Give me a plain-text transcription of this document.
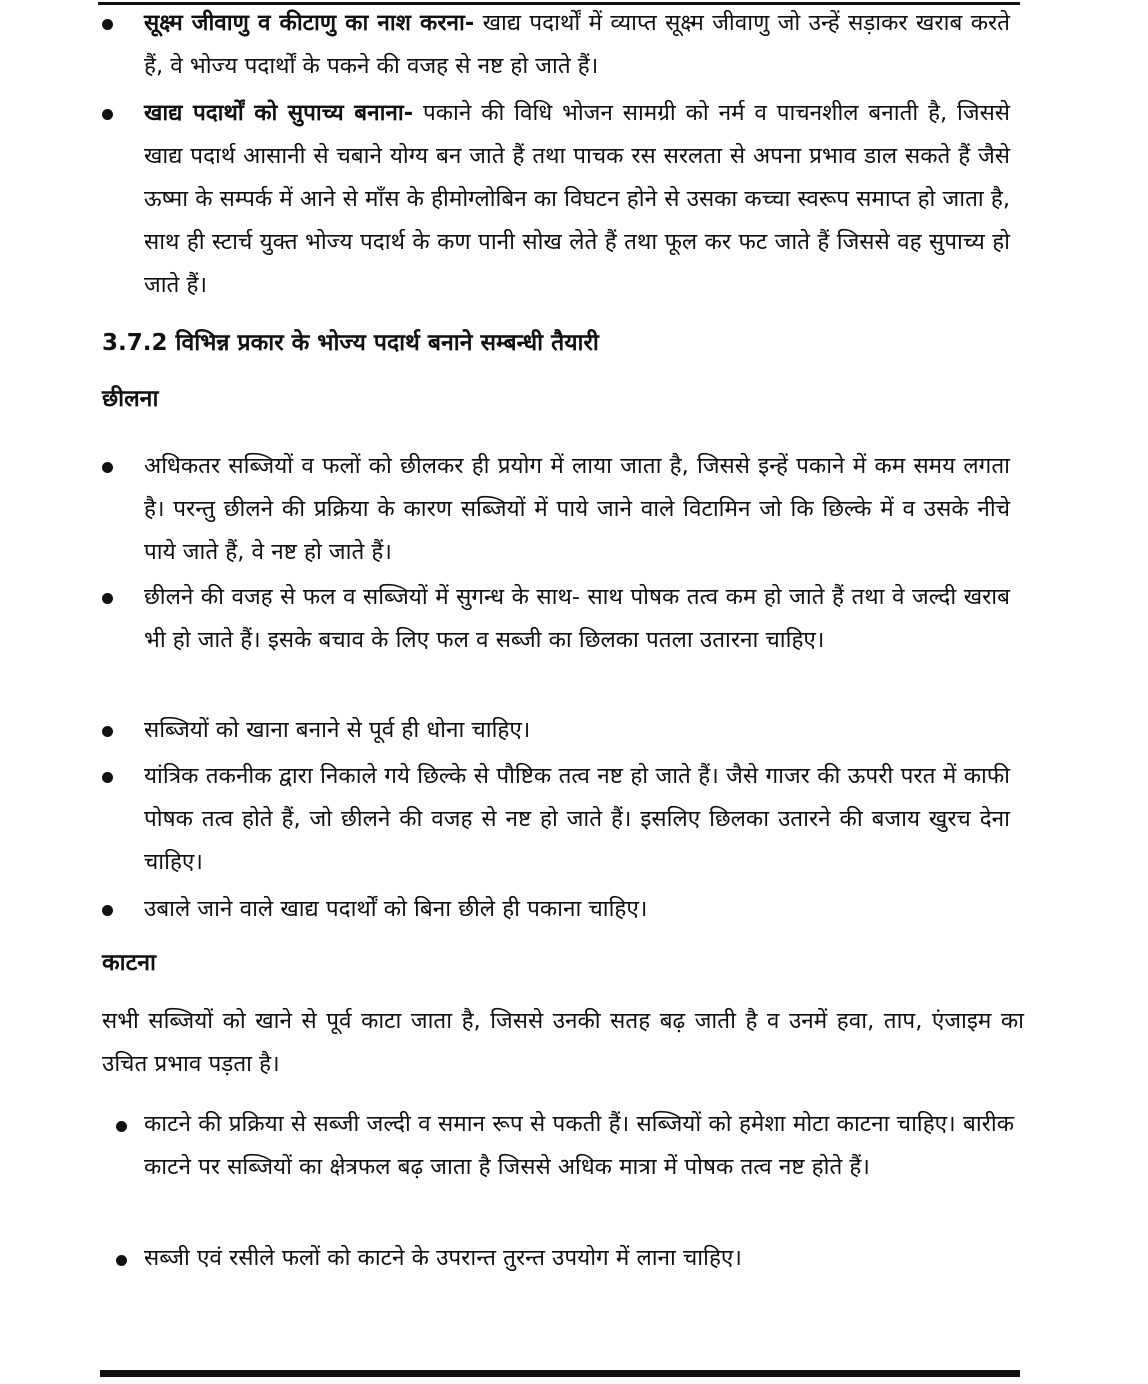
सूक्ष्म जीवाणु व कीटाणु का नाश करना- खाद्य पदार्थों में व्याप्त सूक्ष्म जीवाणु जो उन्हें सड़ाकर खराब करते हैं, वे भोज्य पदार्थों के पकने की वजह से नष्ट हो जाते हैं।
खाद्य पदार्थों को सुपाच्य बनाना- पकाने की विधि भोजन सामग्री को नर्म व पाचनशील बनाती है, जिससे खाद्य पदार्थ आसानी से चबाने योग्य बन जाते हैं तथा पाचक रस सरलता से अपना प्रभाव डाल सकते हैं जैसे ऊष्मा के सम्पर्क में आने से माँस के हीमोग्लोबिन का विघटन होने से उसका कच्चा स्वरूप समाप्त हो जाता है, साथ ही स्टार्च युक्त भोज्य पदार्थ के कण पानी सोख लेते हैं तथा फूल कर फट जाते हैं जिससे वह सुपाच्य हो जाते हैं।
3.7.2 विभिन्न प्रकार के भोज्य पदार्थ बनाने सम्बन्धी तैयारी
छीलना
अधिकतर सब्जियों व फलों को छीलकर ही प्रयोग में लाया जाता है, जिससे इन्हें पकाने में कम समय लगता है। परन्तु छीलने की प्रक्रिया के कारण सब्जियों में पाये जाने वाले विटामिन जो कि छिल्के में व उसके नीचे पाये जाते हैं, वे नष्ट हो जाते हैं।
छीलने की वजह से फल व सब्जियों में सुगन्ध के साथ- साथ पोषक तत्व कम हो जाते हैं तथा वे जल्दी खराब भी हो जाते हैं। इसके बचाव के लिए फल व सब्जी का छिलका पतला उतारना चाहिए।
सब्जियों को खाना बनाने से पूर्व ही धोना चाहिए।
यांत्रिक तकनीक द्वारा निकाले गये छिल्के से पौष्टिक तत्व नष्ट हो जाते हैं। जैसे गाजर की ऊपरी परत में काफी पोषक तत्व होते हैं, जो छीलने की वजह से नष्ट हो जाते हैं। इसलिए छिलका उतारने की बजाय खुरच देना चाहिए।
उबाले जाने वाले खाद्य पदार्थों को बिना छीले ही पकाना चाहिए।
काटना
सभी सब्जियों को खाने से पूर्व काटा जाता है, जिससे उनकी सतह बढ़ जाती है व उनमें हवा, ताप, एंजाइम का उचित प्रभाव पड़ता है।
काटने की प्रक्रिया से सब्जी जल्दी व समान रूप से पकती हैं। सब्जियों को हमेशा मोटा काटना चाहिए। बारीक काटने पर सब्जियों का क्षेत्रफल बढ़ जाता है जिससे अधिक मात्रा में पोषक तत्व नष्ट होते हैं।
सब्जी एवं रसीले फलों को काटने के उपरान्त तुरन्त उपयोग में लाना चाहिए।
